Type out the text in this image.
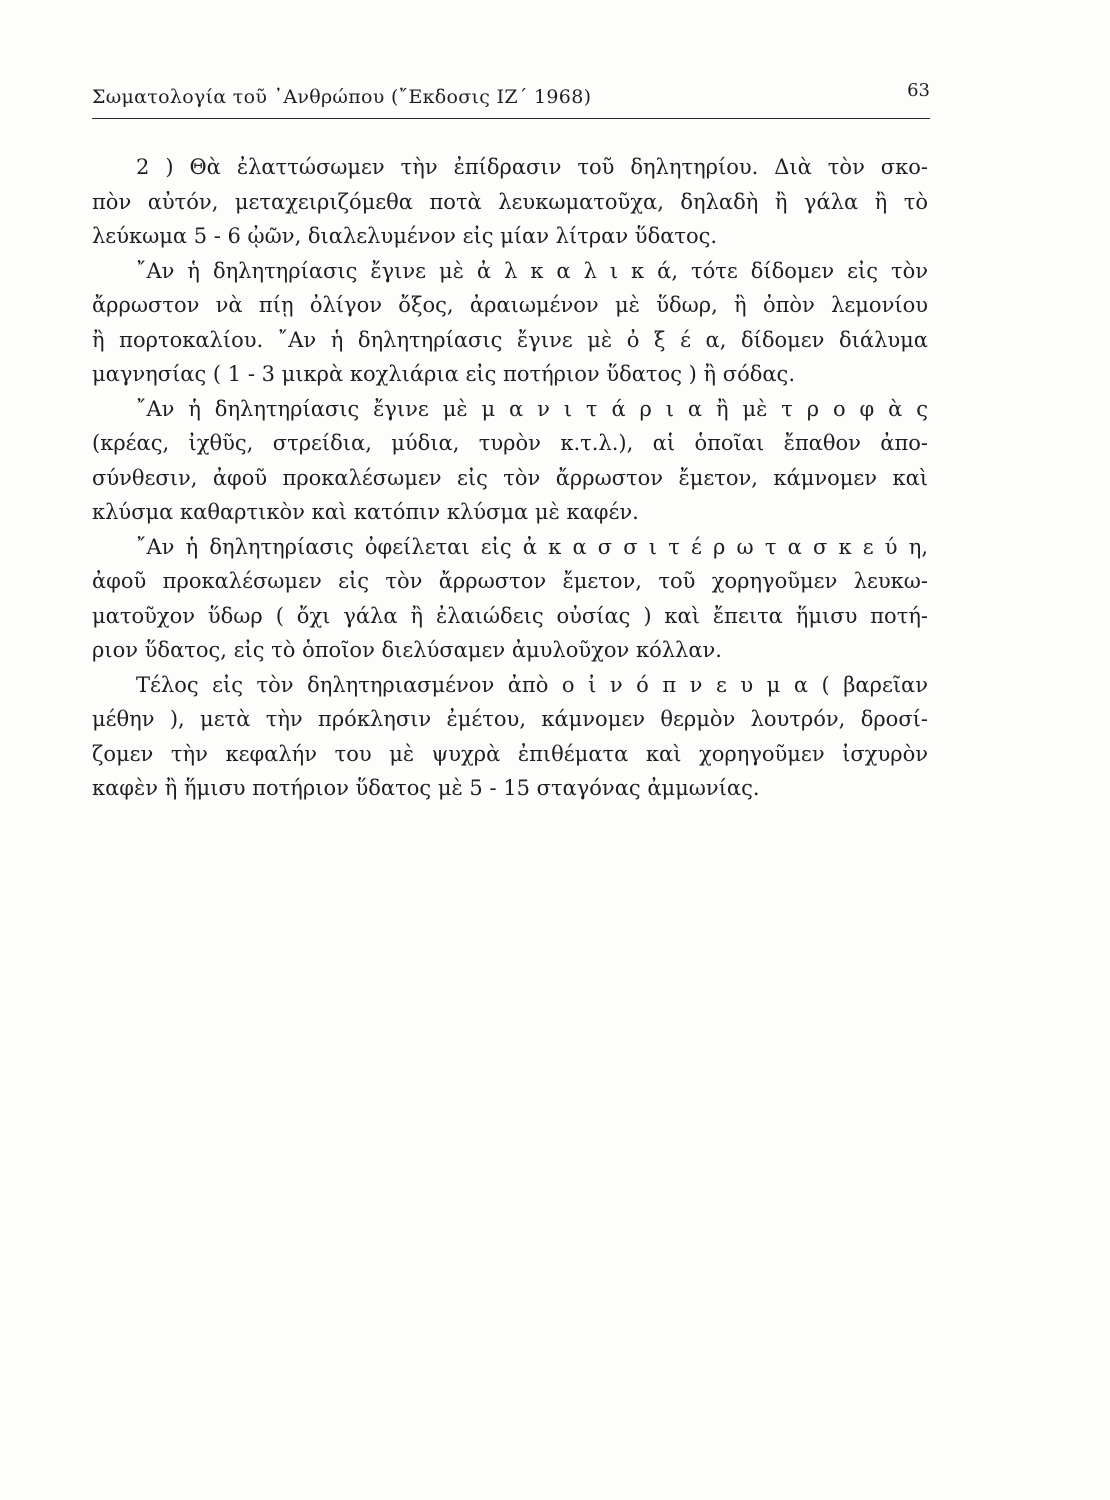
Σωματολογία τοῦ ᾿Ανθρώπου (῎Εκδοσις ΙΖ΄ 1968)	63
2 ) Θὰ ἐλαττώσωμεν τὴν ἐπίδρασιν τοῦ δηλητηρίου. Διὰ τὸν σκο-
πὸν αὐτόν, μεταχειριζόμεθα ποτὰ λευκωματοῦχα, δηλαδὴ ἢ γάλα ἢ τὸ
λεύκωμα 5 - 6 ᾠῶν, διαλελυμένον εἰς μίαν λίτραν ὕδατος.
῎Αν ἡ δηλητηρίασις ἔγινε μὲ ἀ λ κ α λ ι κ ά, τότε δίδομεν εἰς τὸν
ἄρρωστον νὰ πίῃ ὀλίγον ὄξος, ἀραιωμένον μὲ ὕδωρ, ἢ ὀπὸν λεμονίου
ἢ πορτοκαλίου. ῎Αν ἡ δηλητηρίασις ἔγινε μὲ ὀ ξ έ α, δίδομεν διάλυμα
μαγνησίας ( 1 - 3 μικρὰ κοχλιάρια εἰς ποτήριον ὕδατος ) ἢ σόδας.
῎Αν ἡ δηλητηρίασις ἔγινε μὲ μ α ν ι τ ά ρ ι α ἢ μὲ τ ρ ο φ ὰ ς
(κρέας, ἰχθῦς, στρείδια, μύδια, τυρὸν κ.τ.λ.), αἱ ὁποῖαι ἔπαθον ἀπο-
σύνθεσιν, ἀφοῦ προκαλέσωμεν εἰς τὸν ἄρρωστον ἔμετον, κάμνομεν καὶ
κλύσμα καθαρτικὸν καὶ κατόπιν κλύσμα μὲ καφέν.
῎Αν ἡ δηλητηρίασις ὀφείλεται εἰς ἀ κ α σ σ ι τ έ ρ ω τ α σ κ ε ύ η,
ἀφοῦ προκαλέσωμεν εἰς τὸν ἄρρωστον ἔμετον, τοῦ χορηγοῦμεν λευκω-
ματοῦχον ὕδωρ ( ὄχι γάλα ἢ ἐλαιώδεις οὐσίας ) καὶ ἔπειτα ἥμισυ ποτή-
ριον ὕδατος, εἰς τὸ ὁποῖον διελύσαμεν ἀμυλοῦχον κόλλαν.
Τέλος εἰς τὸν δηλητηριασμένον ἀπὸ ο ἰ ν ό π ν ε υ μ α ( βαρεῖαν
μέθην ), μετὰ τὴν πρόκλησιν ἐμέτου, κάμνομεν θερμὸν λουτρόν, δροσί-
ζομεν τὴν κεφαλήν του μὲ ψυχρὰ ἐπιθέματα καὶ χορηγοῦμεν ἰσχυρὸν
καφὲν ἢ ἥμισυ ποτήριον ὕδατος μὲ 5 - 15 σταγόνας ἀμμωνίας.
